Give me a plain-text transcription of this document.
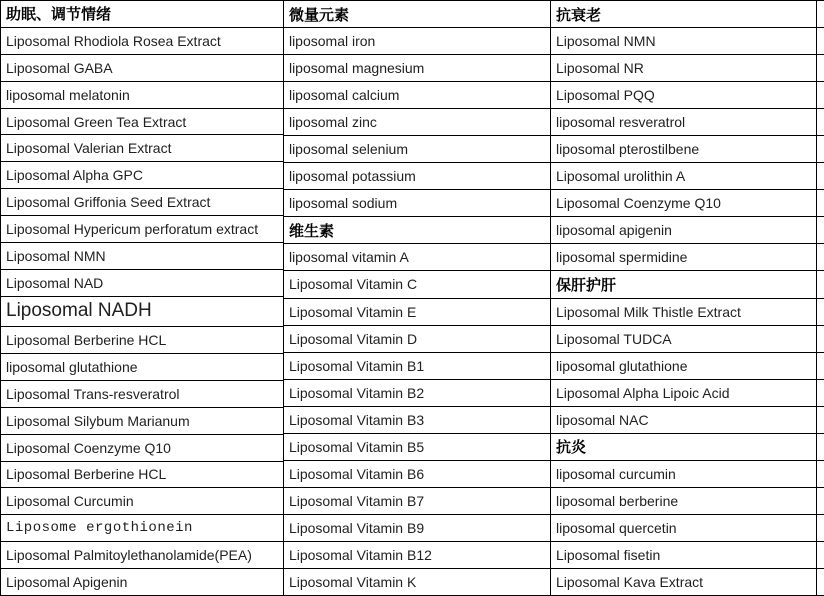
助眠、调节情绪
Liposomal Rhodiola Rosea Extract
Liposomal GABA
liposomal melatonin
Liposomal Green Tea Extract
Liposomal Valerian Extract
Liposomal Alpha GPC
Liposomal Griffonia Seed Extract
Liposomal Hypericum perforatum extract
Liposomal NMN
Liposomal NAD
Liposomal NADH
Liposomal Berberine HCL
liposomal glutathione
Liposomal Trans-resveratrol
Liposomal Silybum Marianum
Liposomal Coenzyme Q10
Liposomal Berberine HCL
Liposomal Curcumin
Liposome ergothionein
Liposomal Palmitoylethanolamide(PEA)
Liposomal Apigenin
微量元素
liposomal iron
liposomal magnesium
liposomal calcium
liposomal zinc
liposomal selenium
liposomal potassium
liposomal sodium
维生素
liposomal vitamin A
Liposomal Vitamin C
Liposomal Vitamin E
Liposomal Vitamin D
Liposomal Vitamin B1
Liposomal Vitamin B2
Liposomal Vitamin B3
Liposomal Vitamin B5
Liposomal Vitamin B6
Liposomal Vitamin B7
Liposomal Vitamin B9
Liposomal Vitamin B12
Liposomal Vitamin K
抗衰老
Liposomal NMN
Liposomal NR
Liposomal PQQ
liposomal resveratrol
liposomal pterostilbene
Liposomal urolithin A
Liposomal Coenzyme Q10
liposomal apigenin
liposomal spermidine
保肝护肝
Liposomal Milk Thistle Extract
Liposomal TUDCA
liposomal glutathione
Liposomal Alpha Lipoic Acid
liposomal NAC
抗炎
liposomal curcumin
liposomal berberine
liposomal quercetin
Liposomal fisetin
Liposomal Kava Extract
